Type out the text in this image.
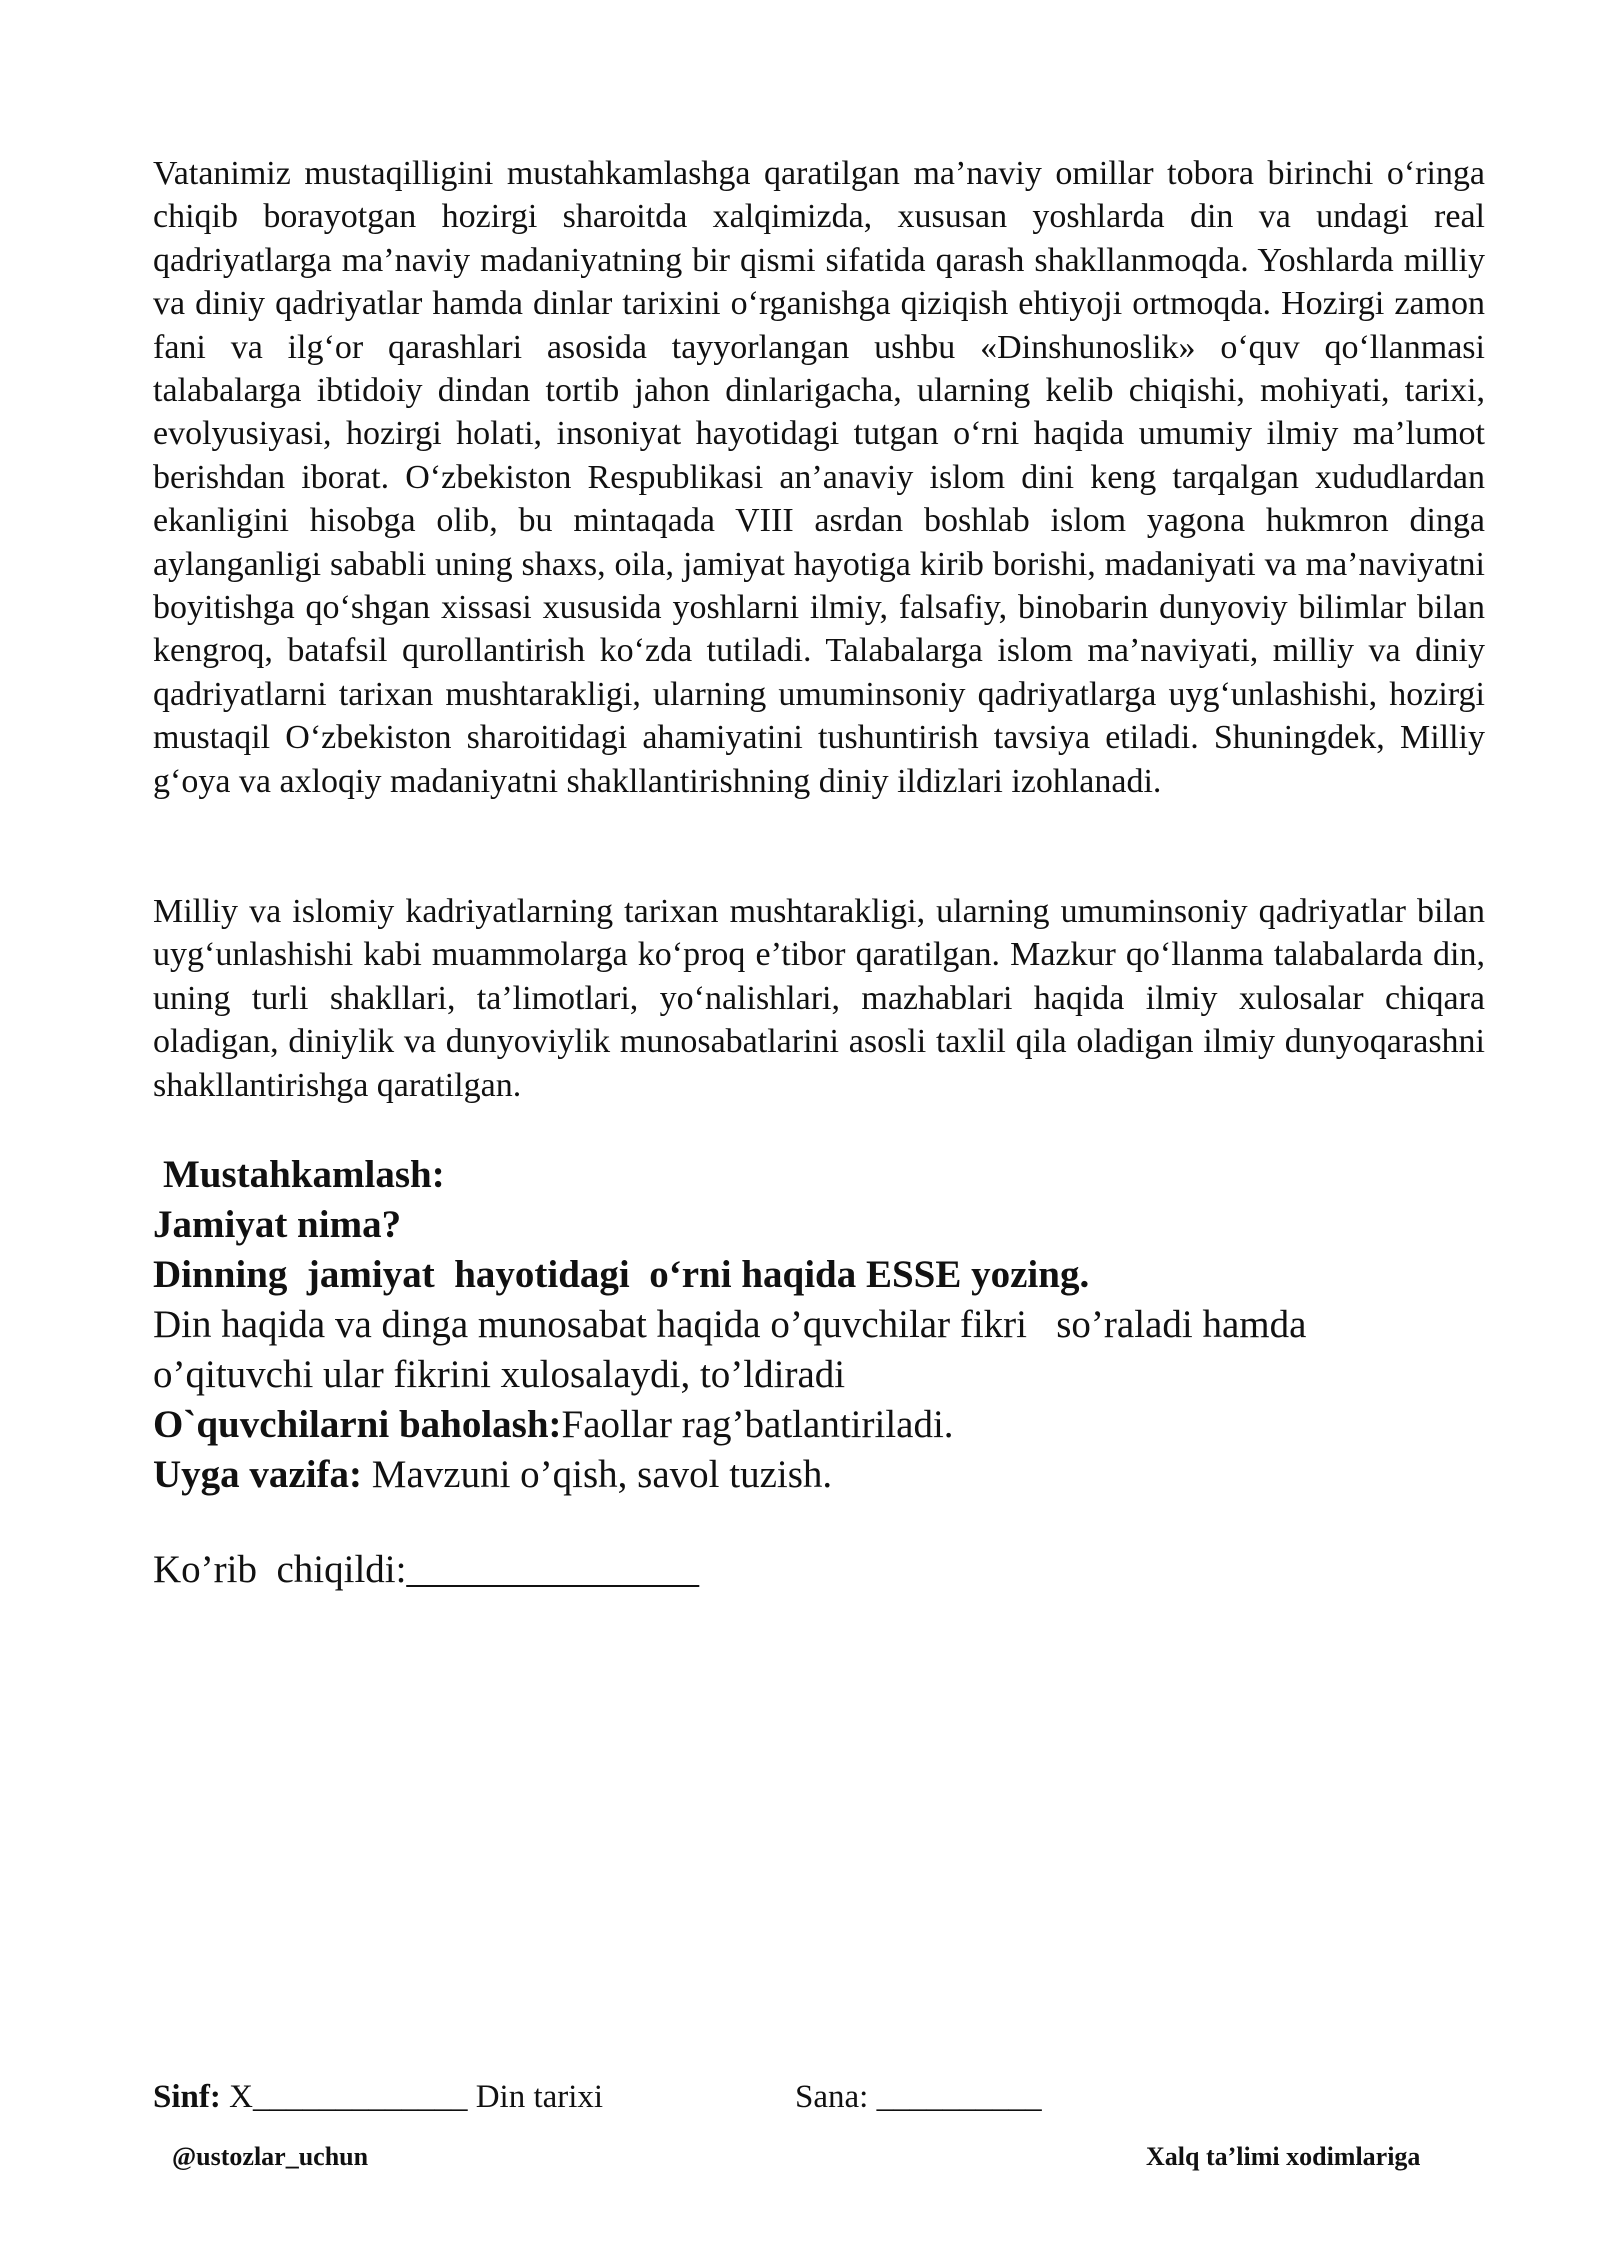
Vatanimiz mustaqilligini mustahkamlashga qaratilgan ma’naviy omillar tobora birinchi o‘ringa chiqib borayotgan hozirgi sharoitda xalqimizda, xususan yoshlarda din va undagi real qadriyatlarga ma’naviy madaniyatning bir qismi sifatida qarash shakllanmoqda. Yoshlarda milliy va diniy qadriyatlar hamda dinlar tarixini o‘rganishga qiziqish ehtiyoji ortmoqda. Hozirgi zamon fani va ilg‘or qarashlari asosida tayyorlangan ushbu «Dinshunoslik» o‘quv qo‘llanmasi talabalarga ibtidoiy dindan tortib jahon dinlarigacha, ularning kelib chiqishi, mohiyati, tarixi, evolyusiyasi, hozirgi holati, insoniyat hayotidagi tutgan o‘rni haqida umumiy ilmiy ma’lumot berishdan iborat. O‘zbekiston Respublikasi an’anaviy islom dini keng tarqalgan xududlardan ekanligini hisobga olib, bu mintaqada VIII asrdan boshlab islom yagona hukmron dinga aylanganligi sababli uning shaxs, oila, jamiyat hayotiga kirib borishi, madaniyati va ma’naviyatni boyitishga qo‘shgan xissasi xususida yoshlarni ilmiy, falsafiy, binobarin dunyoviy bilimlar bilan kengroq, batafsil qurollantirish ko‘zda tutiladi. Talabalarga islom ma’naviyati, milliy va diniy qadriyatlarni tarixan mushtarakligi, ularning umuminsoniy qadriyatlarga uyg‘unlashishi, hozirgi mustaqil O‘zbekiston sharoitidagi ahamiyatini tushuntirish tavsiya etiladi. Shuningdek, Milliy g‘oya va axloqiy madaniyatni shakllantirishning diniy ildizlari izohlanadi.

Milliy va islomiy kadriyatlarning tarixan mushtarakligi, ularning umuminsoniy qadriyatlar bilan uyg‘unlashishi kabi muammolarga ko‘proq e’tibor qaratilgan. Mazkur qo‘llanma talabalarda din, uning turli shakllari, ta’limotlari, yo‘nalishlari, mazhablari haqida ilmiy xulosalar chiqara oladigan, diniylik va dunyoviylik munosabatlarini asosli taxlil qila oladigan ilmiy dunyoqarashni shakllantirishga qaratilgan.

Mustahkamlash:
Jamiyat nima?
Dinning  jamiyat  hayotidagi  o‘rni haqida ESSE yozing.
Din haqida va dinga munosabat haqida o’quvchilar fikri   so’raladi hamda
o’qituvchi ular fikrini xulosalaydi, to’ldiradi
O`quvchilarni baholash:Faollar rag’batlantiriladi.
Uyga vazifa: Mavzuni o’qish, savol tuzish.
Ko’rib  chiqildi:_______________
Sinf: X_____________ Din tarixi	Sana: __________
@ustozlar_uchun	Xalq ta’limi xodimlariga
